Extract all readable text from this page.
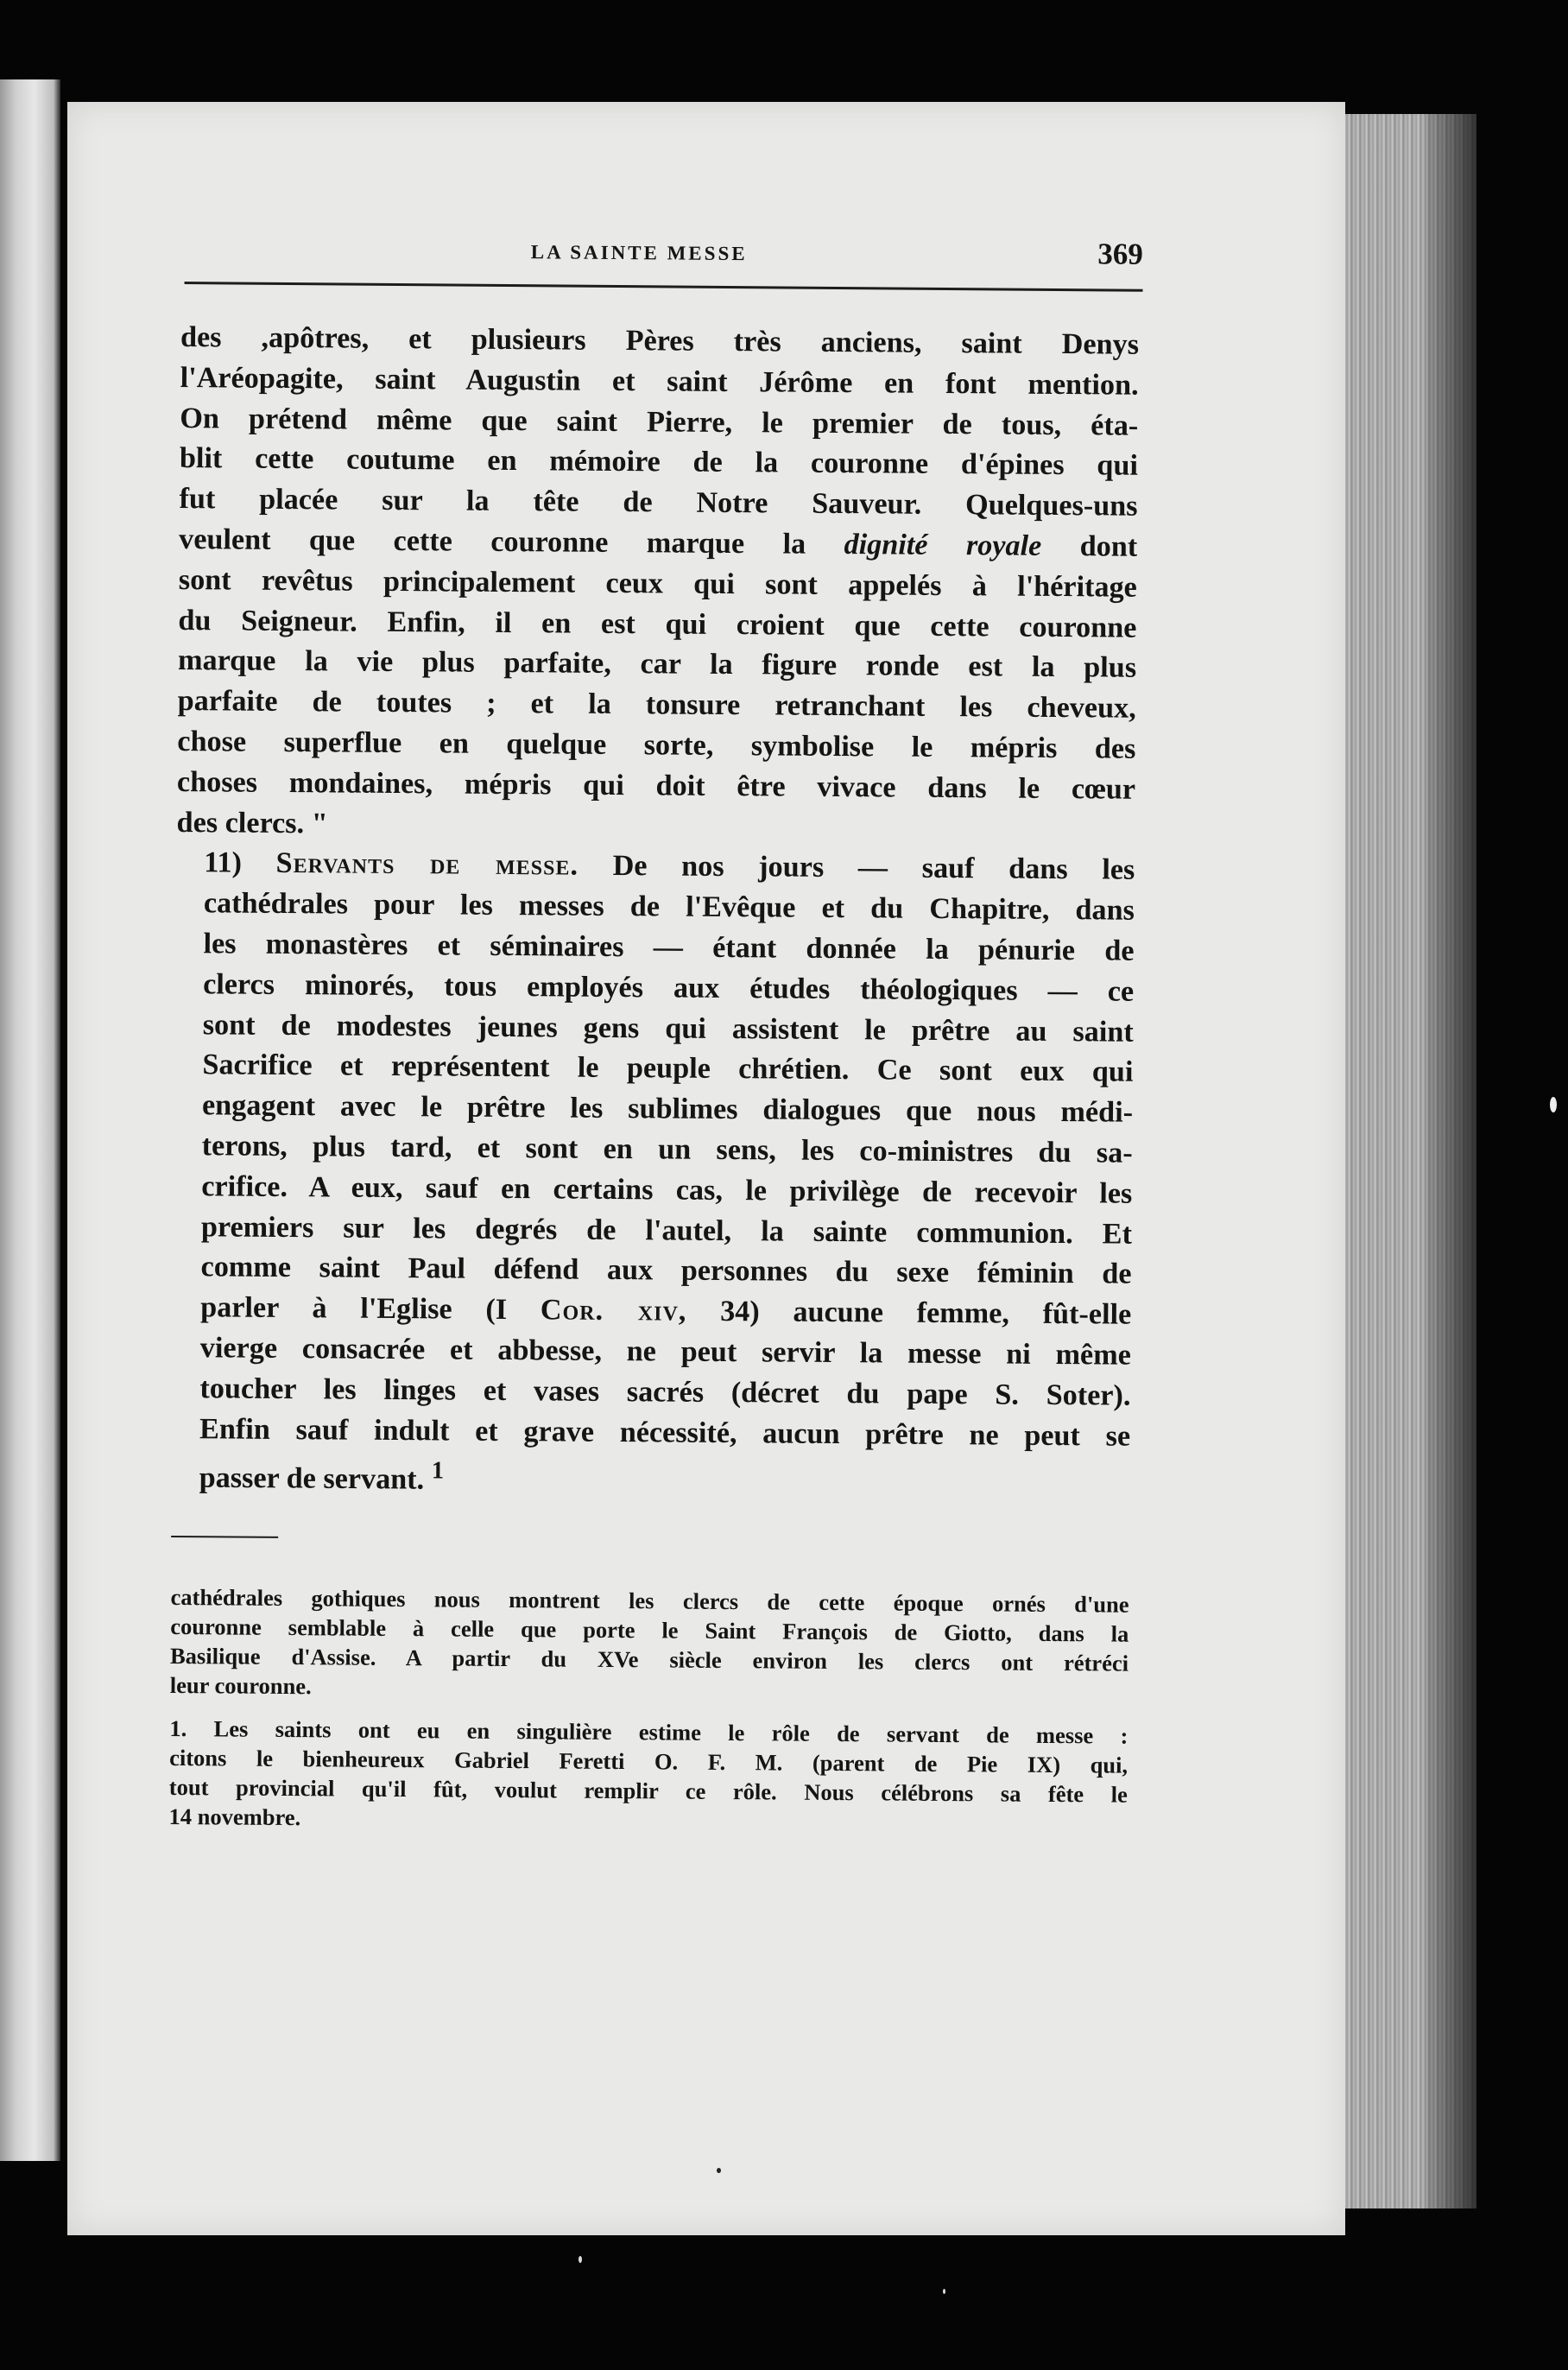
LA SAINTE MESSE	369

des ,apôtres, et plusieurs Pères très anciens, saint Denys
l'Aréopagite, saint Augustin et saint Jérôme en font mention.
On prétend même que saint Pierre, le premier de tous, éta-
blit cette coutume en mémoire de la couronne d'épines qui
fut placée sur la tête de Notre Sauveur. Quelques-uns
veulent que cette couronne marque la dignité royale dont
sont revêtus principalement ceux qui sont appelés à l'héritage
du Seigneur. Enfin, il en est qui croient que cette couronne
marque la vie plus parfaite, car la figure ronde est la plus
parfaite de toutes ; et la tonsure retranchant les cheveux,
chose superflue en quelque sorte, symbolise le mépris des
choses mondaines, mépris qui doit être vivace dans le cœur
des clercs. "

11) Servants de messe. De nos jours — sauf dans les
cathédrales pour les messes de l'Evêque et du Chapitre, dans
les monastères et séminaires — étant donnée la pénurie de
clercs minorés, tous employés aux études théologiques — ce
sont de modestes jeunes gens qui assistent le prêtre au saint
Sacrifice et représentent le peuple chrétien. Ce sont eux qui
engagent avec le prêtre les sublimes dialogues que nous médi-
terons, plus tard, et sont en un sens, les co-ministres du sa-
crifice. A eux, sauf en certains cas, le privilège de recevoir les
premiers sur les degrés de l'autel, la sainte communion. Et
comme saint Paul défend aux personnes du sexe féminin de
parler à l'Eglise (I Cor. xiv, 34) aucune femme, fût-elle
vierge consacrée et abbesse, ne peut servir la messe ni même
toucher les linges et vases sacrés (décret du pape S. Soter).
Enfin sauf indult et grave nécessité, aucun prêtre ne peut se
passer de servant. $^1$

cathédrales gothiques nous montrent les clercs de cette époque ornés d'une
couronne semblable à celle que porte le Saint François de Giotto, dans la
Basilique d'Assise. A partir du XVe siècle environ les clercs ont rétréci
leur couronne.
1. Les saints ont eu en singulière estime le rôle de servant de messe :
citons le bienheureux Gabriel Feretti O. F. M. (parent de Pie IX) qui,
tout provincial qu'il fût, voulut remplir ce rôle. Nous célébrons sa fête le
14 novembre.
